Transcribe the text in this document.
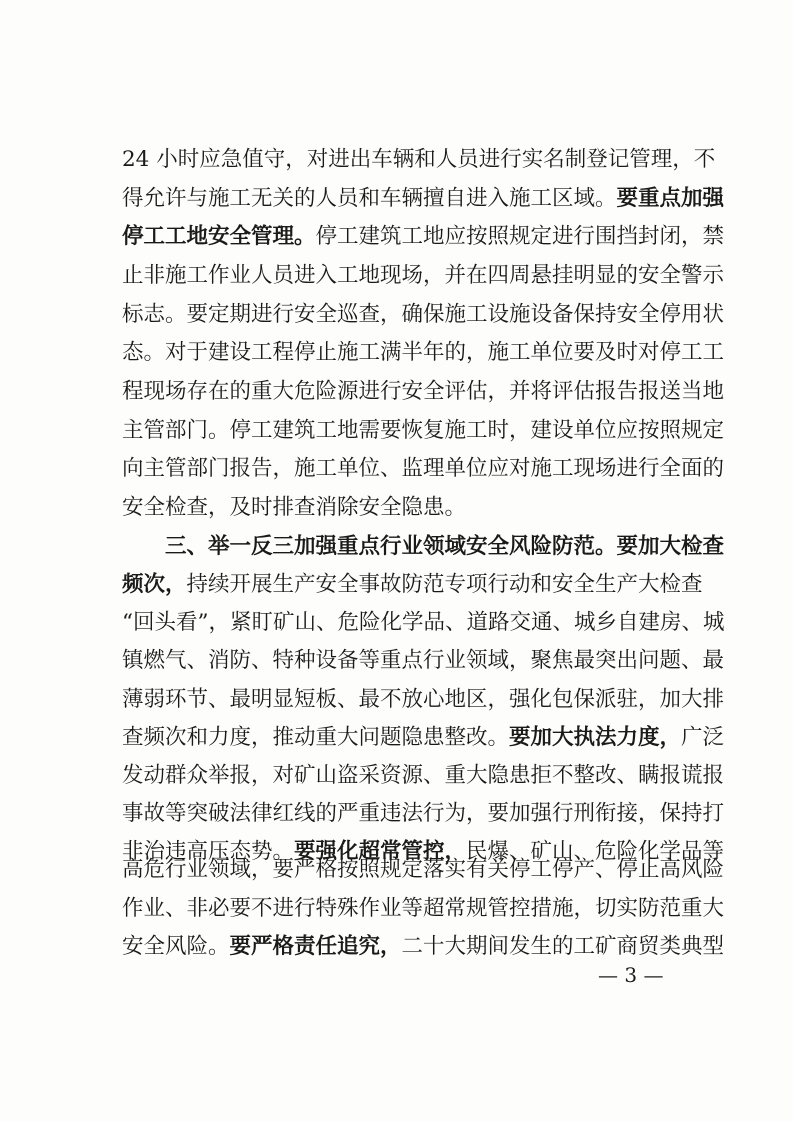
24 小时应急值守，对进出车辆和人员进行实名制登记管理，不
得允许与施工无关的人员和车辆擅自进入施工区域。要重点加强
停工工地安全管理。停工建筑工地应按照规定进行围挡封闭，禁
止非施工作业人员进入工地现场，并在四周悬挂明显的安全警示
标志。要定期进行安全巡查，确保施工设施设备保持安全停用状
态。对于建设工程停止施工满半年的，施工单位要及时对停工工
程现场存在的重大危险源进行安全评估，并将评估报告报送当地
主管部门。停工建筑工地需要恢复施工时，建设单位应按照规定
向主管部门报告，施工单位、监理单位应对施工现场进行全面的
安全检查，及时排查消除安全隐患。
三、举一反三加强重点行业领域安全风险防范。要加大检查
频次，持续开展生产安全事故防范专项行动和安全生产大检查
“回头看”，紧盯矿山、危险化学品、道路交通、城乡自建房、城
镇燃气、消防、特种设备等重点行业领域，聚焦最突出问题、最
薄弱环节、最明显短板、最不放心地区，强化包保派驻，加大排
查频次和力度，推动重大问题隐患整改。要加大执法力度，广泛
发动群众举报，对矿山盗采资源、重大隐患拒不整改、瞒报谎报
事故等突破法律红线的严重违法行为，要加强行刑衔接，保持打
非治违高压态势。要强化超常管控，民爆、矿山、危险化学品等
高危行业领域，要严格按照规定落实有关停工停产、停止高风险
作业、非必要不进行特殊作业等超常规管控措施，切实防范重大
安全风险。要严格责任追究，二十大期间发生的工矿商贸类典型
— 3 —
